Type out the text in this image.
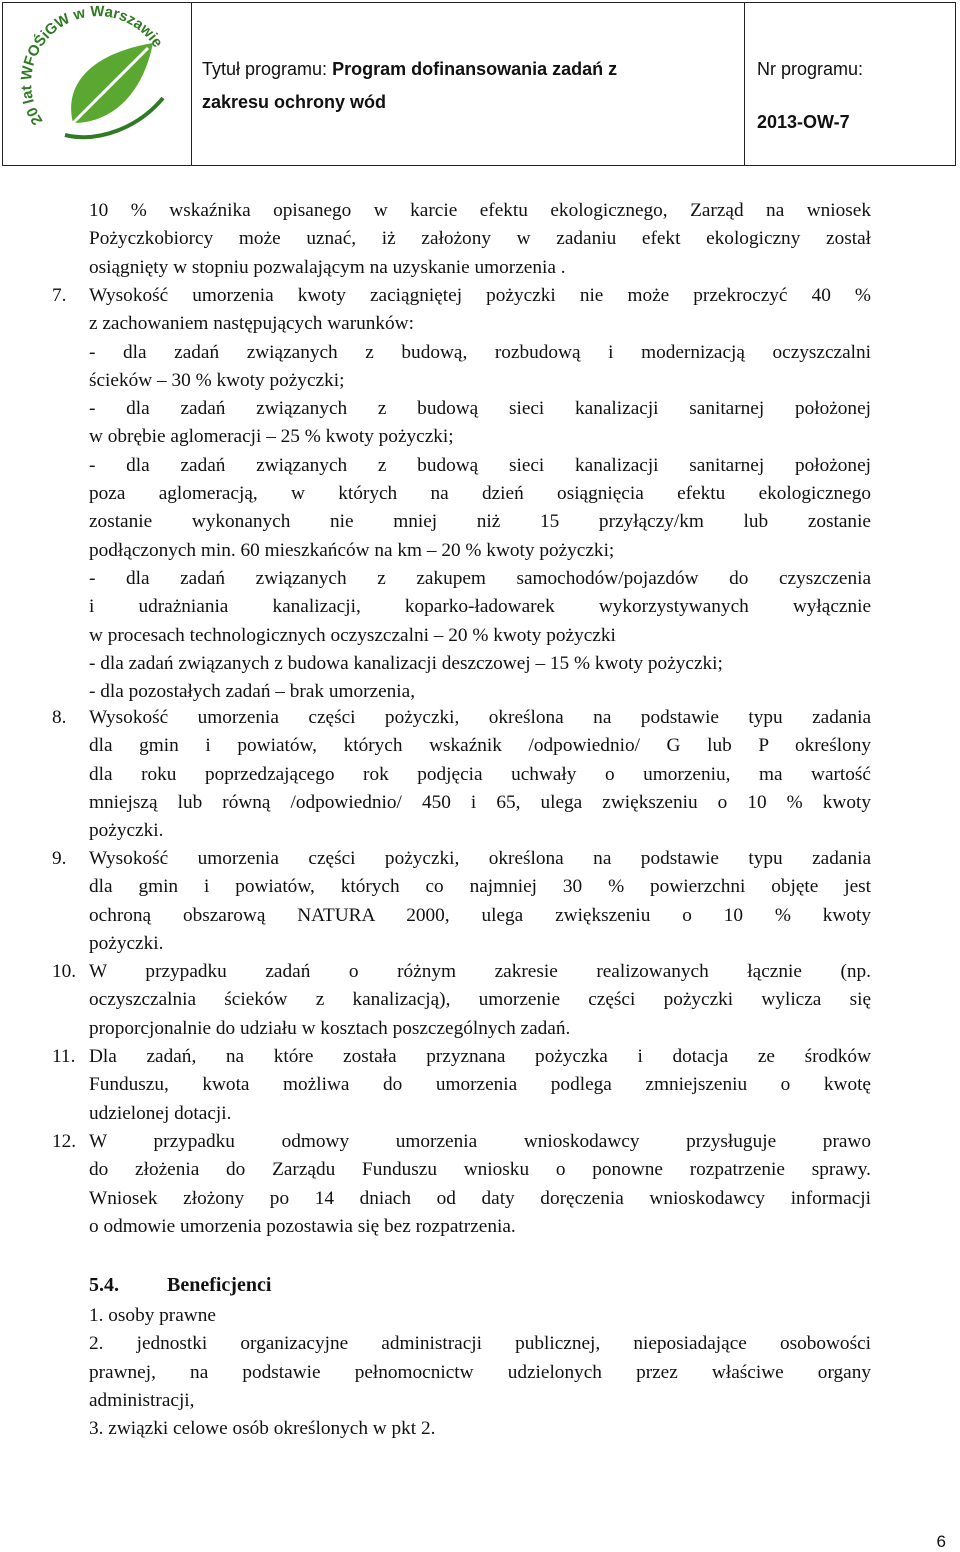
20 lat WFOŚiGW w Warszawie
Tytuł programu: Program dofinansowania zadań z
zakresu ochrony wód
Nr programu:
2013-OW-7
10 % wskaźnika opisanego w karcie efektu ekologicznego, Zarząd na wniosek
Pożyczkobiorcy może uznać, iż założony w zadaniu efekt ekologiczny został
osiągnięty w stopniu pozwalającym na uzyskanie umorzenia .
7. Wysokość umorzenia kwoty zaciągniętej pożyczki nie może przekroczyć 40 %
z zachowaniem następujących warunków:
- dla zadań związanych z budową, rozbudową i modernizacją oczyszczalni
ścieków – 30 % kwoty pożyczki;
- dla zadań związanych z budową sieci kanalizacji sanitarnej położonej
w obrębie aglomeracji – 25 % kwoty pożyczki;
- dla zadań związanych z budową sieci kanalizacji sanitarnej położonej
poza aglomeracją, w których na dzień osiągnięcia efektu ekologicznego
zostanie wykonanych nie mniej niż 15 przyłączy/km lub zostanie
podłączonych min. 60 mieszkańców na km – 20 % kwoty pożyczki;
- dla zadań związanych z zakupem samochodów/pojazdów do czyszczenia
i udrażniania kanalizacji, koparko-ładowarek wykorzystywanych wyłącznie
w procesach technologicznych oczyszczalni – 20 % kwoty pożyczki
- dla zadań związanych z budowa kanalizacji deszczowej – 15 % kwoty pożyczki;
- dla pozostałych zadań – brak umorzenia,
8. Wysokość umorzenia części pożyczki, określona na podstawie typu zadania
dla gmin i powiatów, których wskaźnik /odpowiednio/ G lub P określony
dla roku poprzedzającego rok podjęcia uchwały o umorzeniu, ma wartość
mniejszą lub równą /odpowiednio/ 450 i 65, ulega zwiększeniu o 10 % kwoty
pożyczki.
9. Wysokość umorzenia części pożyczki, określona na podstawie typu zadania
dla gmin i powiatów, których co najmniej 30 % powierzchni objęte jest
ochroną obszarową NATURA 2000, ulega zwiększeniu o 10 % kwoty
pożyczki.
10. W przypadku zadań o różnym zakresie realizowanych łącznie (np.
oczyszczalnia ścieków z kanalizacją), umorzenie części pożyczki wylicza się
proporcjonalnie do udziału w kosztach poszczególnych zadań.
11. Dla zadań, na które została przyznana pożyczka i dotacja ze środków
Funduszu, kwota możliwa do umorzenia podlega zmniejszeniu o kwotę
udzielonej dotacji.
12. W przypadku odmowy umorzenia wnioskodawcy przysługuje prawo
do złożenia do Zarządu Funduszu wniosku o ponowne rozpatrzenie sprawy.
Wniosek złożony po 14 dniach od daty doręczenia wnioskodawcy informacji
o odmowie umorzenia pozostawia się bez rozpatrzenia.
5.4. Beneficjenci
1. osoby prawne
2. jednostki organizacyjne administracji publicznej, nieposiadające osobowości
prawnej, na podstawie pełnomocnictw udzielonych przez właściwe organy
administracji,
3. związki celowe osób określonych w pkt 2.
6
